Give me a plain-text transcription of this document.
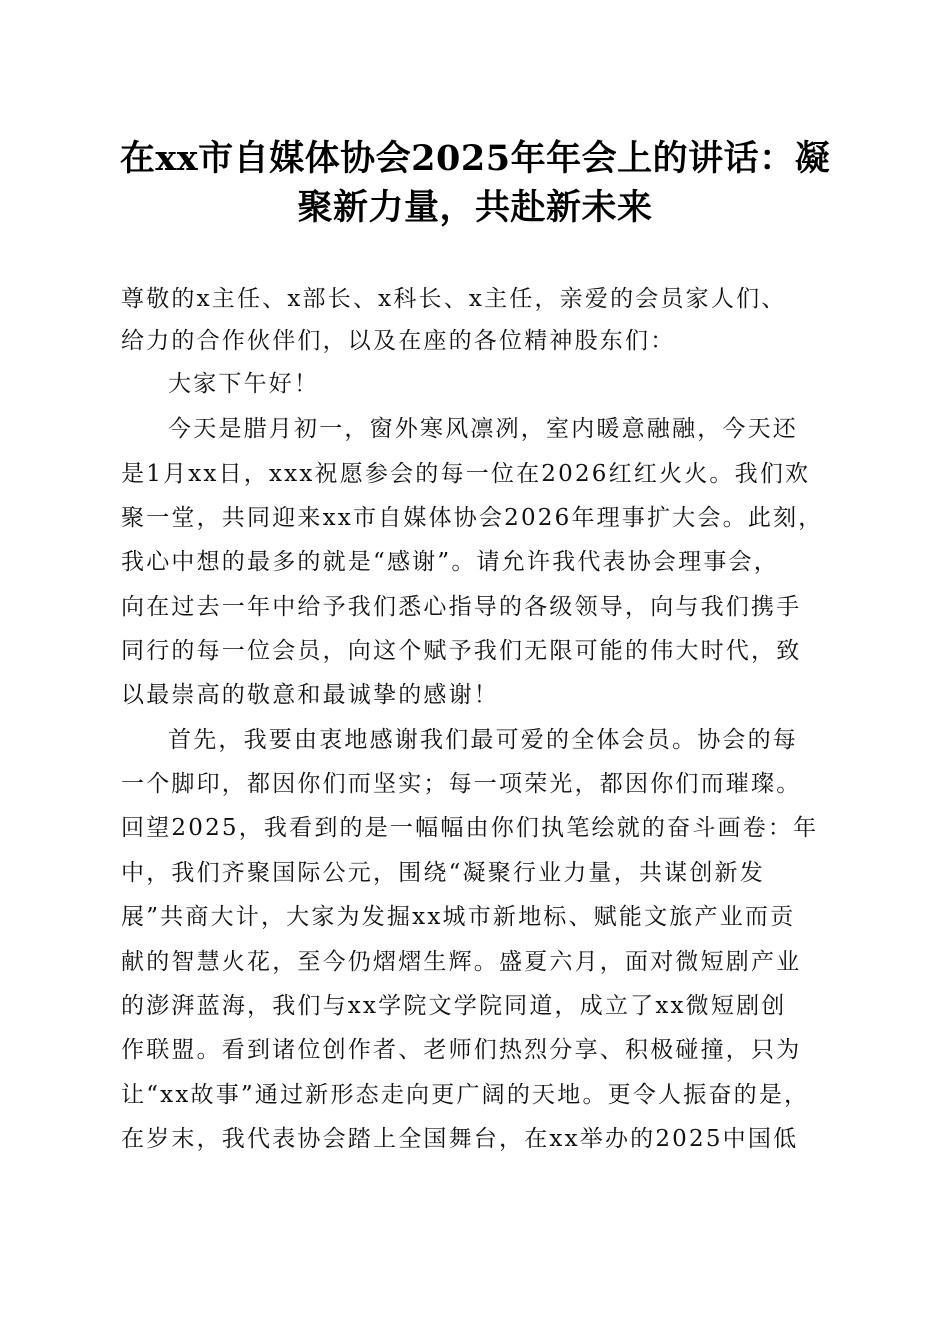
在xx市自媒体协会2025年年会上的讲话：凝
聚新力量，共赴新未来

尊敬的x主任、x部长、x科长、x主任，亲爱的会员家人们、

给力的合作伙伴们，以及在座的各位精神股东们：

大家下午好！

今天是腊月初一，窗外寒风凛冽，室内暖意融融，今天还

是1月xx日，xxx祝愿参会的每一位在2026红红火火。我们欢

聚一堂，共同迎来xx市自媒体协会2026年理事扩大会。此刻，

我心中想的最多的就是“感谢”。请允许我代表协会理事会，

向在过去一年中给予我们悉心指导的各级领导，向与我们携手

同行的每一位会员，向这个赋予我们无限可能的伟大时代，致

以最崇高的敬意和最诚挚的感谢！

首先，我要由衷地感谢我们最可爱的全体会员。协会的每

一个脚印，都因你们而坚实；每一项荣光，都因你们而璀璨。

回望2025，我看到的是一幅幅由你们执笔绘就的奋斗画卷：年

中，我们齐聚国际公元，围绕“凝聚行业力量，共谋创新发

展”共商大计，大家为发掘xx城市新地标、赋能文旅产业而贡

献的智慧火花，至今仍熠熠生辉。盛夏六月，面对微短剧产业

的澎湃蓝海，我们与xx学院文学院同道，成立了xx微短剧创

作联盟。看到诸位创作者、老师们热烈分享、积极碰撞，只为

让“xx故事”通过新形态走向更广阔的天地。更令人振奋的是，

在岁末，我代表协会踏上全国舞台，在xx举办的2025中国低
